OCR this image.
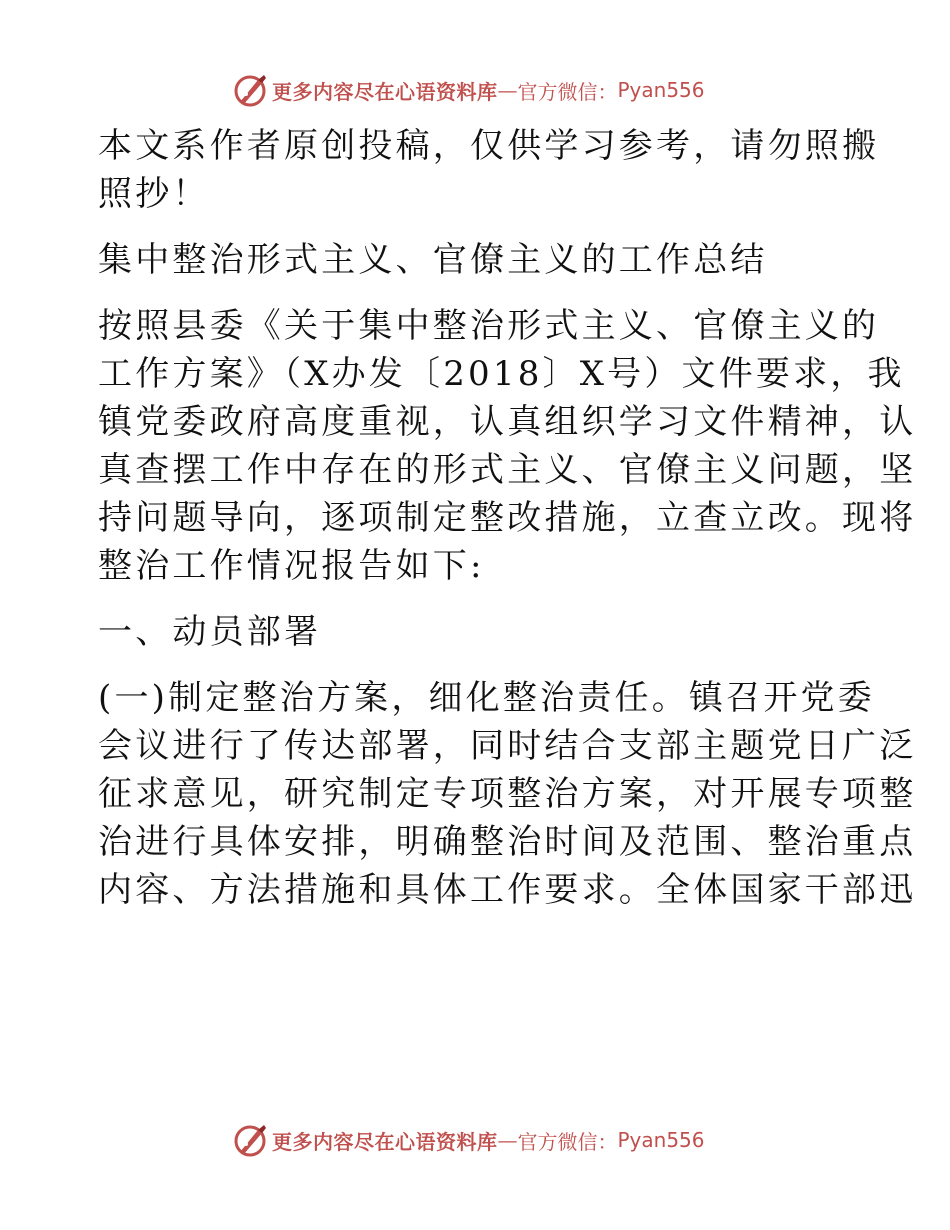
更多内容尽在心语资料库 — 官方微信： Pyan556

本文系作者原创投稿，仅供学习参考，请勿照搬
照抄！

集中整治形式主义、官僚主义的工作总结

按照县委《关于集中整治形式主义、官僚主义的
工作方案》（X办发〔2018〕X号）文件要求，我
镇党委政府高度重视，认真组织学习文件精神，认
真查摆工作中存在的形式主义、官僚主义问题，坚
持问题导向，逐项制定整改措施，立查立改。现将
整治工作情况报告如下:

一、动员部署

(一)制定整治方案，细化整治责任。镇召开党委
会议进行了传达部署，同时结合支部主题党日广泛
征求意见，研究制定专项整治方案，对开展专项整
治进行具体安排，明确整治时间及范围、整治重点
内容、方法措施和具体工作要求。全体国家干部迅

更多内容尽在心语资料库 — 官方微信： Pyan556
